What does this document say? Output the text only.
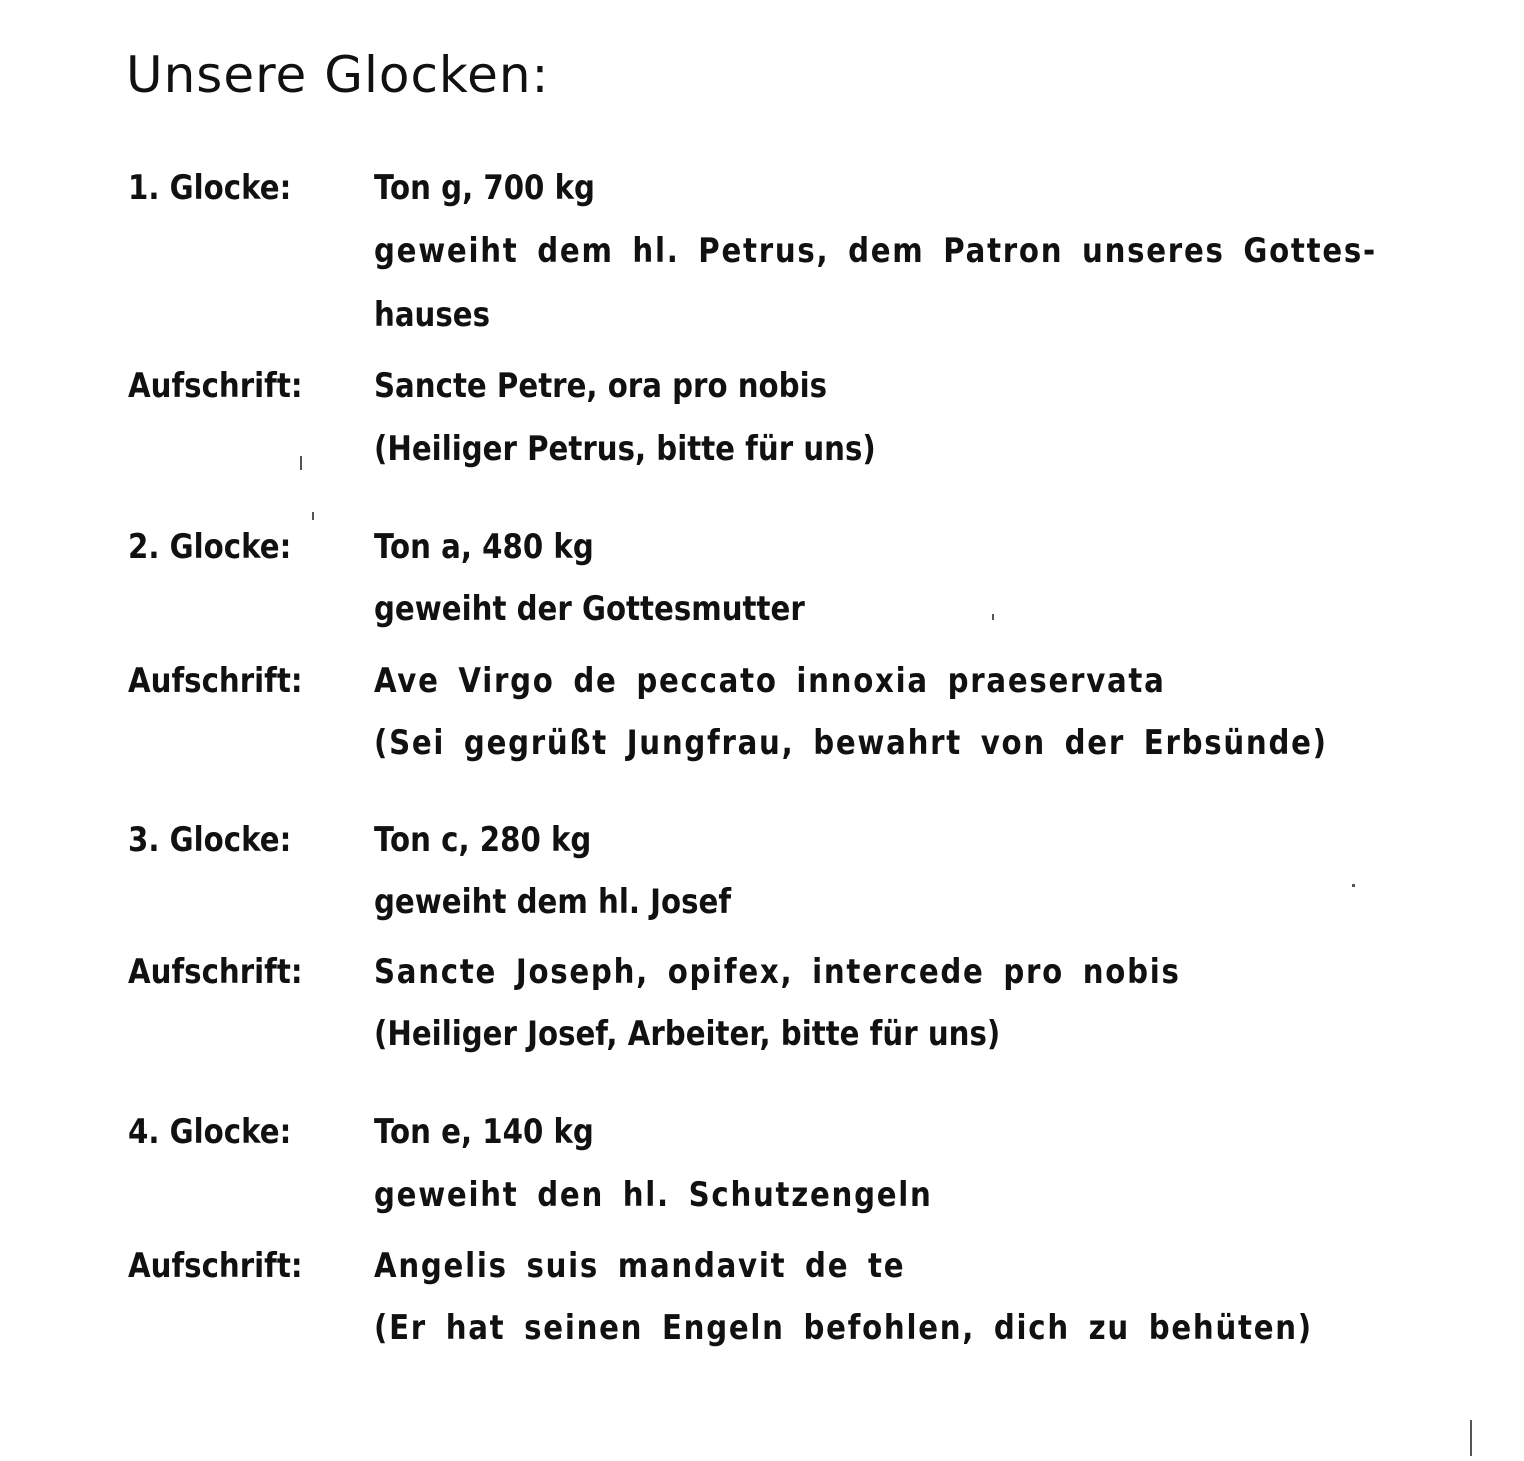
Unsere Glocken:
1. Glocke: Ton g, 700 kg
geweiht dem hl. Petrus, dem Patron unseres Gottes-
hauses
Aufschrift: Sancte Petre, ora pro nobis
(Heiliger Petrus, bitte für uns)
2. Glocke: Ton a, 480 kg
geweiht der Gottesmutter
Aufschrift: Ave Virgo de peccato innoxia praeservata
(Sei gegrüßt Jungfrau, bewahrt von der Erbsünde)
3. Glocke: Ton c, 280 kg
geweiht dem hl. Josef
Aufschrift: Sancte Joseph, opifex, intercede pro nobis
(Heiliger Josef, Arbeiter, bitte für uns)
4. Glocke: Ton e, 140 kg
geweiht den hl. Schutzengeln
Aufschrift: Angelis suis mandavit de te
(Er hat seinen Engeln befohlen, dich zu behüten)
